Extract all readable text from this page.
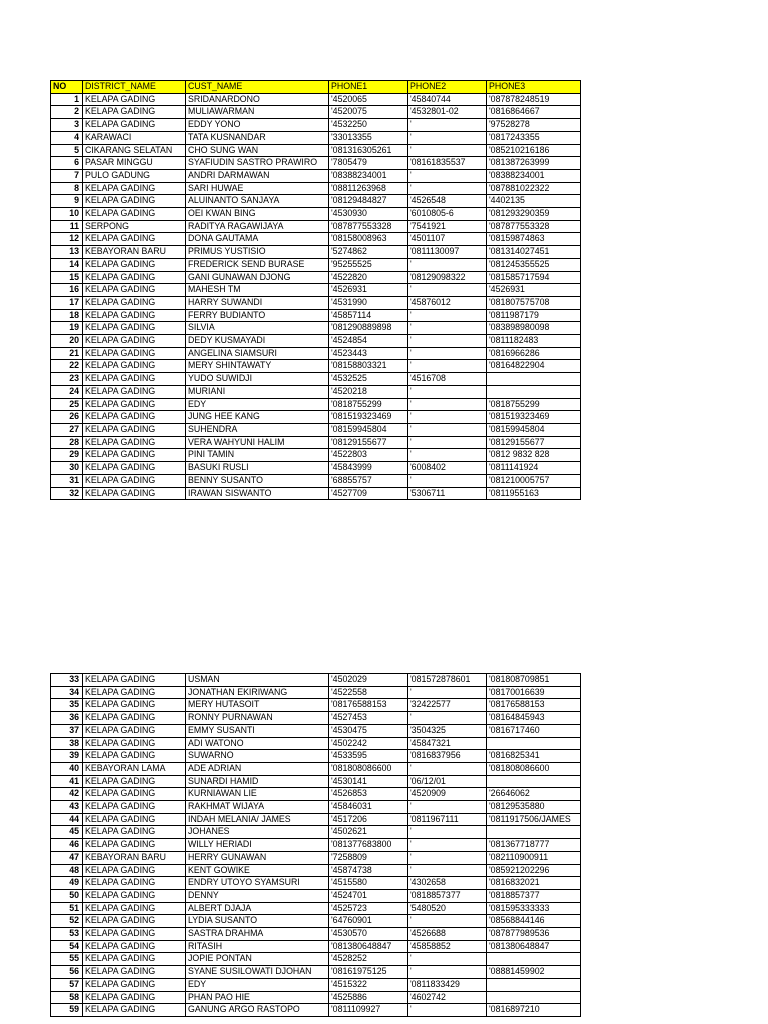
NO	DISTRICT_NAME	CUST_NAME	PHONE1	PHONE2	PHONE3
1	KELAPA GADING	SRIDANARDONO	'4520065	'45840744	'087878248519
2	KELAPA GADING	MULIAWARMAN	'4520075	'4532801-02	'0816864667
3	KELAPA GADING	EDDY YONO	'4532250	'	'97528278
4	KARAWACI	TATA KUSNANDAR	'33013355	'	'0817243355
5	CIKARANG SELATAN	CHO SUNG WAN	'081316305261	'	'085210216186
6	PASAR MINGGU	SYAFIUDIN SASTRO PRAWIRO	'7805479	'08161835537	'081387263999
7	PULO GADUNG	ANDRI DARMAWAN	'08388234001	'	'08388234001
8	KELAPA GADING	SARI HUWAE	'08811263968	'	'087881022322
9	KELAPA GADING	ALUINANTO SANJAYA	'08129484827	'4526548	'4402135
10	KELAPA GADING	OEI KWAN BING	'4530930	'6010805-6	'081293290359
11	SERPONG	RADITYA RAGAWIJAYA	'087877553328	'7541921	'087877553328
12	KELAPA GADING	DONA GAUTAMA	'08158008963	'4501107	'08159874863
13	KEBAYORAN BARU	PRIMUS YUSTISIO	'5274862	'0811130097	'081314027451
14	KELAPA GADING	FREDERICK SEND BURASE	'95255525	'	'081245355525
15	KELAPA GADING	GANI GUNAWAN DJONG	'4522820	'08129098322	'081585717594
16	KELAPA GADING	MAHESH TM	'4526931	'	'4526931
17	KELAPA GADING	HARRY SUWANDI	'4531990	'45876012	'081807575708
18	KELAPA GADING	FERRY BUDIANTO	'45857114	'	'0811987179
19	KELAPA GADING	SILVIA	'081290889898	'	'083898980098
20	KELAPA GADING	DEDY KUSMAYADI	'4524854	'	'0811182483
21	KELAPA GADING	ANGELINA SIAMSURI	'4523443	'	'0816966286
22	KELAPA GADING	MERY SHINTAWATY	'08158803321	'	'08164822904
23	KELAPA GADING	YUDO SUWIDJI	'4532525	'4516708	
24	KELAPA GADING	MURIANI	'4520218	'	
25	KELAPA GADING	EDY	'0818755299	'	'0818755299
26	KELAPA GADING	JUNG HEE KANG	'081519323469	'	'081519323469
27	KELAPA GADING	SUHENDRA	'08159945804	'	'08159945804
28	KELAPA GADING	VERA WAHYUNI HALIM	'08129155677	'	'08129155677
29	KELAPA GADING	PINI TAMIN	'4522803	'	'0812 9832 828
30	KELAPA GADING	BASUKI RUSLI	'45843999	'6008402	'0811141924
31	KELAPA GADING	BENNY SUSANTO	'68855757	'	'081210005757
32	KELAPA GADING	IRAWAN SISWANTO	'4527709	'5306711	'0811955163
33	KELAPA GADING	USMAN	'4502029	'081572878601	'081808709851
34	KELAPA GADING	JONATHAN EKIRIWANG	'4522558	'	'08170016639
35	KELAPA GADING	MERY HUTASOIT	'08176588153	'32422577	'08176588153
36	KELAPA GADING	RONNY PURNAWAN	'4527453	'	'08164845943
37	KELAPA GADING	EMMY SUSANTI	'4530475	'3504325	'0816717460
38	KELAPA GADING	ADI WATONO	'4502242	'45847321	
39	KELAPA GADING	SUWARNO	'4533595	'0816837956	'0816825341
40	KEBAYORAN LAMA	ADE ADRIAN	'081808086600	'	'081808086600
41	KELAPA GADING	SUNARDI HAMID	'4530141	'06/12/01	
42	KELAPA GADING	KURNIAWAN LIE	'4526853	'4520909	'26646062
43	KELAPA GADING	RAKHMAT WIJAYA	'45846031	'	'08129535880
44	KELAPA GADING	INDAH MELANIA/ JAMES	'4517206	'0811967111	'0811917506/JAMES
45	KELAPA GADING	JOHANES	'4502621	'	
46	KELAPA GADING	WILLY HERIADI	'081377683800	'	'081367718777
47	KEBAYORAN BARU	HERRY GUNAWAN	'7258809	'	'082110900911
48	KELAPA GADING	KENT GOWIKE	'45874738	'	'085921202296
49	KELAPA GADING	ENDRY UTOYO SYAMSURI	'4515580	'4302658	'0816832021
50	KELAPA GADING	DENNY	'4524701	'0818857377	'0818857377
51	KELAPA GADING	ALBERT DJAJA	'4525723	'5480520	'081595333333
52	KELAPA GADING	LYDIA SUSANTO	'64760901	'	'08568844146
53	KELAPA GADING	SASTRA DRAHMA	'4530570	'4526688	'087877989536
54	KELAPA GADING	RITASIH	'081380648847	'45858852	'081380648847
55	KELAPA GADING	JOPIE PONTAN	'4528252	'	
56	KELAPA GADING	SYANE SUSILOWATI DJOHAN	'08161975125	'	'08881459902
57	KELAPA GADING	EDY	'4515322	'0811833429	
58	KELAPA GADING	PHAN PAO HIE	'4525886	'4602742	
59	KELAPA GADING	GANUNG ARGO RASTOPO	'0811109927	'	'0816897210
